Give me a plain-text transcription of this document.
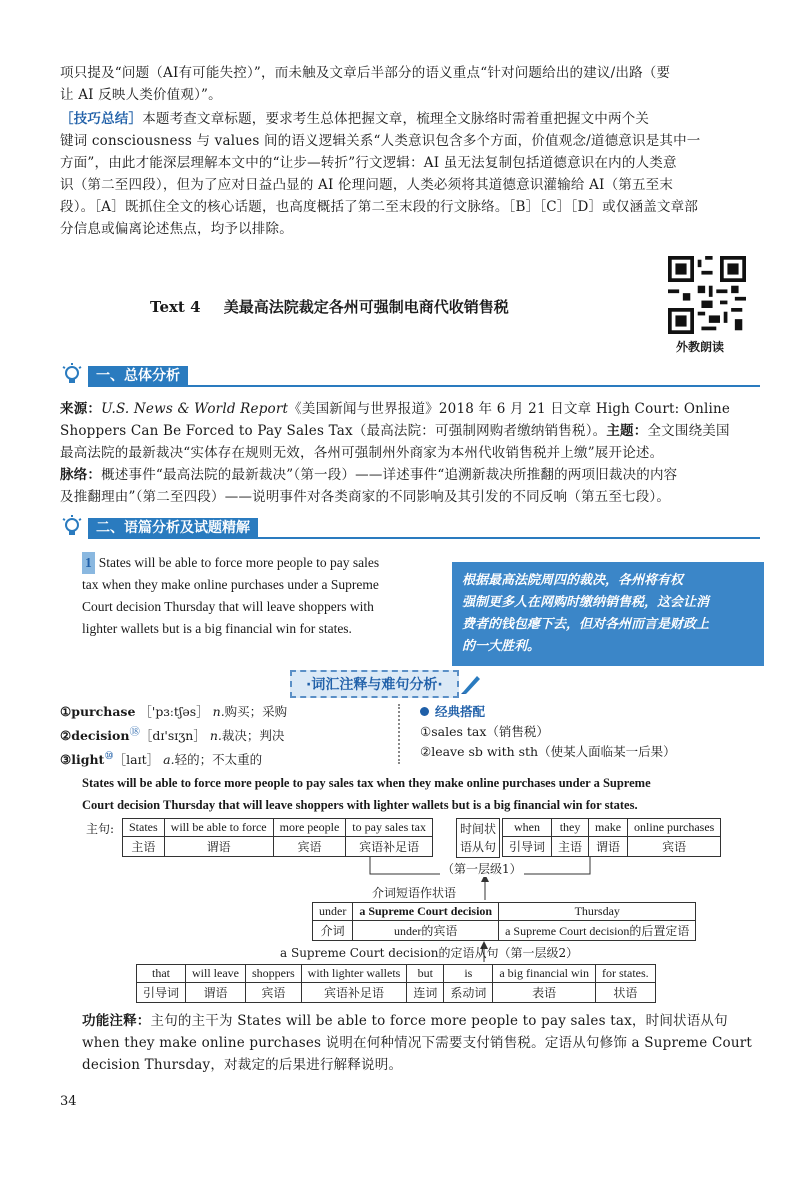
项只提及“问题（AI有可能失控）”，而未触及文章后半部分的语义重点“针对问题给出的建议/出路（要
让 AI 反映人类价值观）”。
［技巧总结］本题考查文章标题，要求考生总体把握文章，梳理全文脉络时需着重把握文中两个关
键词 consciousness 与 values 间的语义逻辑关系“人类意识包含多个方面，价值观念/道德意识是其中一
方面”，由此才能深层理解本文中的“让步—转折”行文逻辑：AI 虽无法复制包括道德意识在内的人类意
识（第二至四段），但为了应对日益凸显的 AI 伦理问题，人类必须将其道德意识灌输给 AI（第五至末
段）。［A］既抓住全文的核心话题，也高度概括了第二至末段的行文脉络。［B］［C］［D］或仅涵盖文章部
分信息或偏离论述焦点，均予以排除。
Text 4 美最高法院裁定各州可强制电商代收销售税
外教朗读
一、总体分析
来源：U.S. News & World Report《美国新闻与世界报道》2018 年 6 月 21 日文章 High Court: Online
Shoppers Can Be Forced to Pay Sales Tax（最高法院：可强制网购者缴纳销售税）。主题：全文围绕美国
最高法院的最新裁决“实体存在规则无效，各州可强制州外商家为本州代收销售税并上缴”展开论述。
脉络：概述事件“最高法院的最新裁决”（第一段）——详述事件“追溯新裁决所推翻的两项旧裁决的内容
及推翻理由”（第二至四段）——说明事件对各类商家的不同影响及其引发的不同反响（第五至七段）。
二、语篇分析及试题精解
1 States will be able to force more people to pay sales
tax when they make online purchases under a Supreme
Court decision Thursday that will leave shoppers with
lighter wallets but is a big financial win for states.
根据最高法院周四的裁决，各州将有权
强制更多人在网购时缴纳销售税，这会让消
费者的钱包瘪下去，但对各州而言是财政上
的一大胜利。
·词汇注释与难句分析·
①purchase ［'pɜːtʃəs］ n.购买；采购
②decision⑱［dɪ'sɪʒn］ n.裁决；判决
③light⑩［laɪt］ a.轻的；不太重的
经典搭配
①sales tax（销售税）
②leave sb with sth（使某人面临某一后果）
States will be able to force more people to pay sales tax when they make online purchases under a Supreme
Court decision Thursday that will leave shoppers with lighter wallets but is a big financial win for states.
主句: States	will be able to force	more people	to pay sales tax
主语	谓语	宾语	宾语补足语
时间状
语从句
when	they	make	online purchases
引导词	主语	谓语	宾语
（第一层级1）
介词短语作状语
under	a Supreme Court decision	Thursday
介词	under的宾语	a Supreme Court decision的后置定语
a Supreme Court decision的定语从句（第一层级2）
that	will leave	shoppers	with lighter wallets	but	is	a big financial win	for states.
引导词	谓语	宾语	宾语补足语	连词	系动词	表语	状语
功能注释：主句的主干为 States will be able to force more people to pay sales tax，时间状语从句
when they make online purchases 说明在何种情况下需要支付销售税。定语从句修饰 a Supreme Court
decision Thursday，对裁定的后果进行解释说明。
34
